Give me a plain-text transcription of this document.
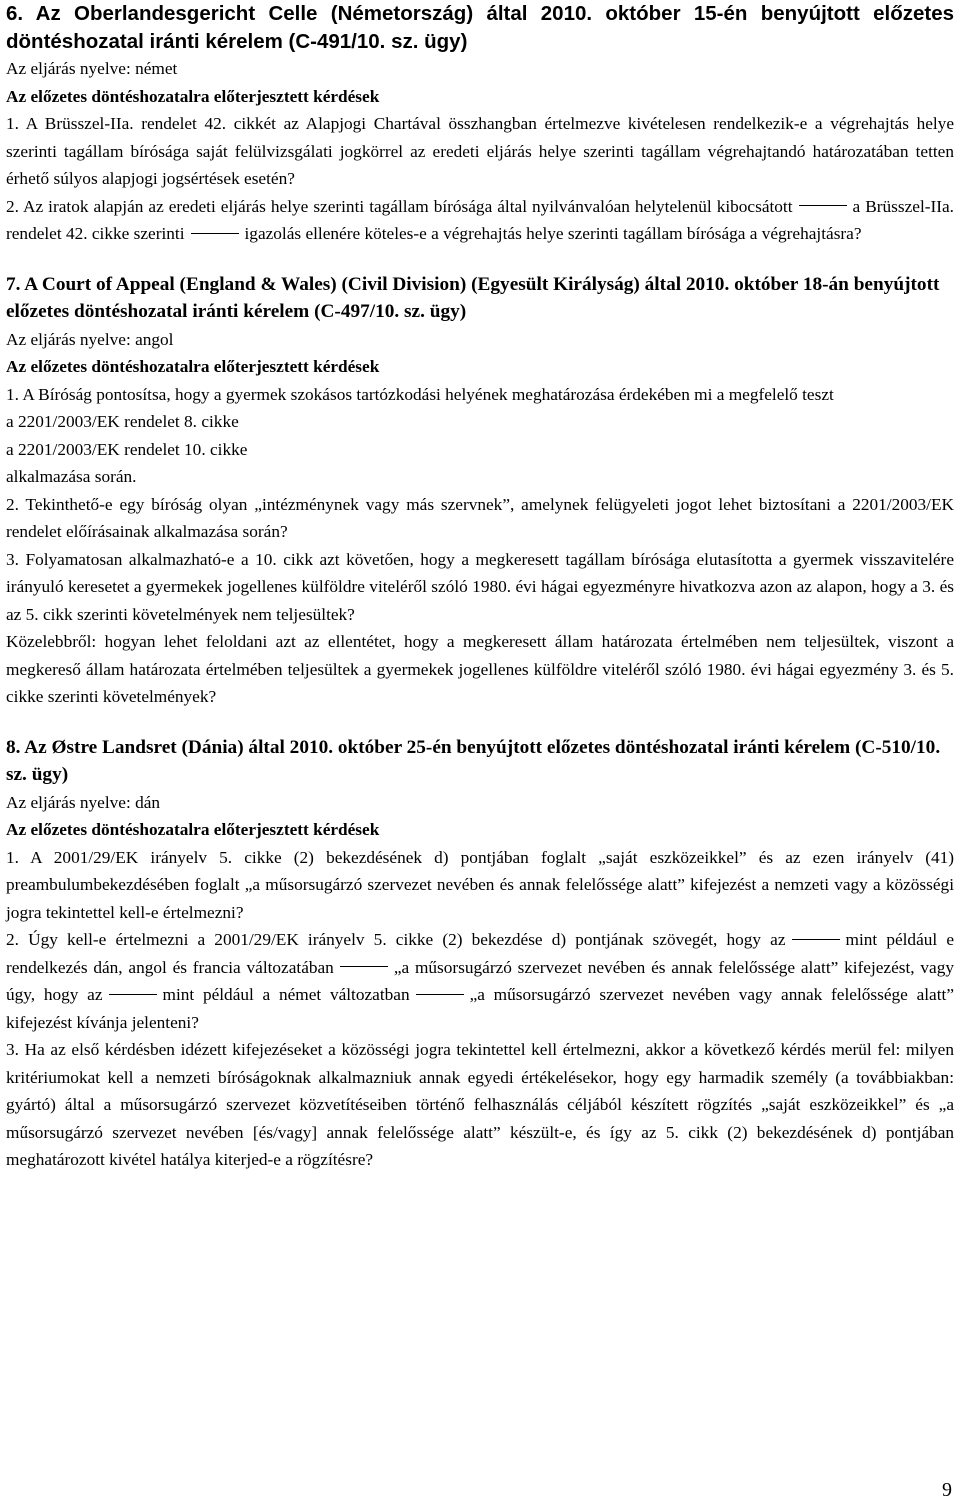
6. Az Oberlandesgericht Celle (Németország) által 2010. október 15-én benyújtott előzetes döntéshozatal iránti kérelem (C-491/10. sz. ügy)

Az eljárás nyelve: német

Az előzetes döntéshozatalra előterjesztett kérdések

1. A Brüsszel-IIa. rendelet 42. cikkét az Alapjogi Chartával összhangban értelmezve kivételesen rendelkezik-e a végrehajtás helye szerinti tagállam bírósága saját felülvizsgálati jogkörrel az eredeti eljárás helye szerinti tagállam végrehajtandó határozatában tetten érhető súlyos alapjogi jogsértések esetén?

2. Az iratok alapján az eredeti eljárás helye szerinti tagállam bírósága által nyilvánvalóan helytelenül kibocsátott	a Brüsszel-IIa. rendelet 42. cikke szerinti	igazolás ellenére köteles-e a végrehajtás helye szerinti tagállam bírósága a végrehajtásra?

7. A Court of Appeal (England & Wales) (Civil Division) (Egyesült Királyság) által 2010. október 18-án benyújtott előzetes döntéshozatal iránti kérelem (C-497/10. sz. ügy)

Az eljárás nyelve: angol

Az előzetes döntéshozatalra előterjesztett kérdések

1. A Bíróság pontosítsa, hogy a gyermek szokásos tartózkodási helyének meghatározása érdekében mi a megfelelő teszt

a 2201/2003/EK rendelet 8. cikke

a 2201/2003/EK rendelet 10. cikke

alkalmazása során.

2. Tekinthető-e egy bíróság olyan „intézménynek vagy más szervnek”, amelynek felügyeleti jogot lehet biztosítani a 2201/2003/EK rendelet előírásainak alkalmazása során?

3. Folyamatosan alkalmazható-e a 10. cikk azt követően, hogy a megkeresett tagállam bírósága elutasította a gyermek visszavitelére irányuló keresetet a gyermekek jogellenes külföldre viteléről szóló 1980. évi hágai egyezményre hivatkozva azon az alapon, hogy a 3. és az 5. cikk szerinti követelmények nem teljesültek?

Közelebbről: hogyan lehet feloldani azt az ellentétet, hogy a megkeresett állam határozata értelmében nem teljesültek, viszont a megkereső állam határozata értelmében teljesültek a gyermekek jogellenes külföldre viteléről szóló 1980. évi hágai egyezmény 3. és 5. cikke szerinti követelmények?

8. Az Østre Landsret (Dánia) által 2010. október 25-én benyújtott előzetes döntéshozatal iránti kérelem (C-510/10. sz. ügy)

Az eljárás nyelve: dán

Az előzetes döntéshozatalra előterjesztett kérdések

1. A 2001/29/EK irányelv 5. cikke (2) bekezdésének d) pontjában foglalt „saját eszközeikkel” és az ezen irányelv (41) preambulumbekezdésében foglalt „a műsorsugárzó szervezet nevében és annak felelőssége alatt” kifejezést a nemzeti vagy a közösségi jogra tekintettel kell-e értelmezni?

2. Úgy kell-e értelmezni a 2001/29/EK irányelv 5. cikke (2) bekezdése d) pontjának szövegét, hogy az	mint például e rendelkezés dán, angol és francia változatában	„a műsorsugárzó szervezet nevében és annak felelőssége alatt” kifejezést, vagy úgy, hogy az	mint például a német változatban	„a műsorsugárzó szervezet nevében vagy annak felelőssége alatt” kifejezést kívánja jelenteni?

3. Ha az első kérdésben idézett kifejezéseket a közösségi jogra tekintettel kell értelmezni, akkor a következő kérdés merül fel: milyen kritériumokat kell a nemzeti bíróságoknak alkalmazniuk annak egyedi értékelésekor, hogy egy harmadik személy (a továbbiakban: gyártó) által a műsorsugárzó szervezet közvetítéseiben történő felhasználás céljából készített rögzítés „saját eszközeikkel” és „a műsorsugárzó szervezet nevében [és/vagy] annak felelőssége alatt” készült-e, és így az 5. cikk (2) bekezdésének d) pontjában meghatározott kivétel hatálya kiterjed-e a rögzítésre?

9
